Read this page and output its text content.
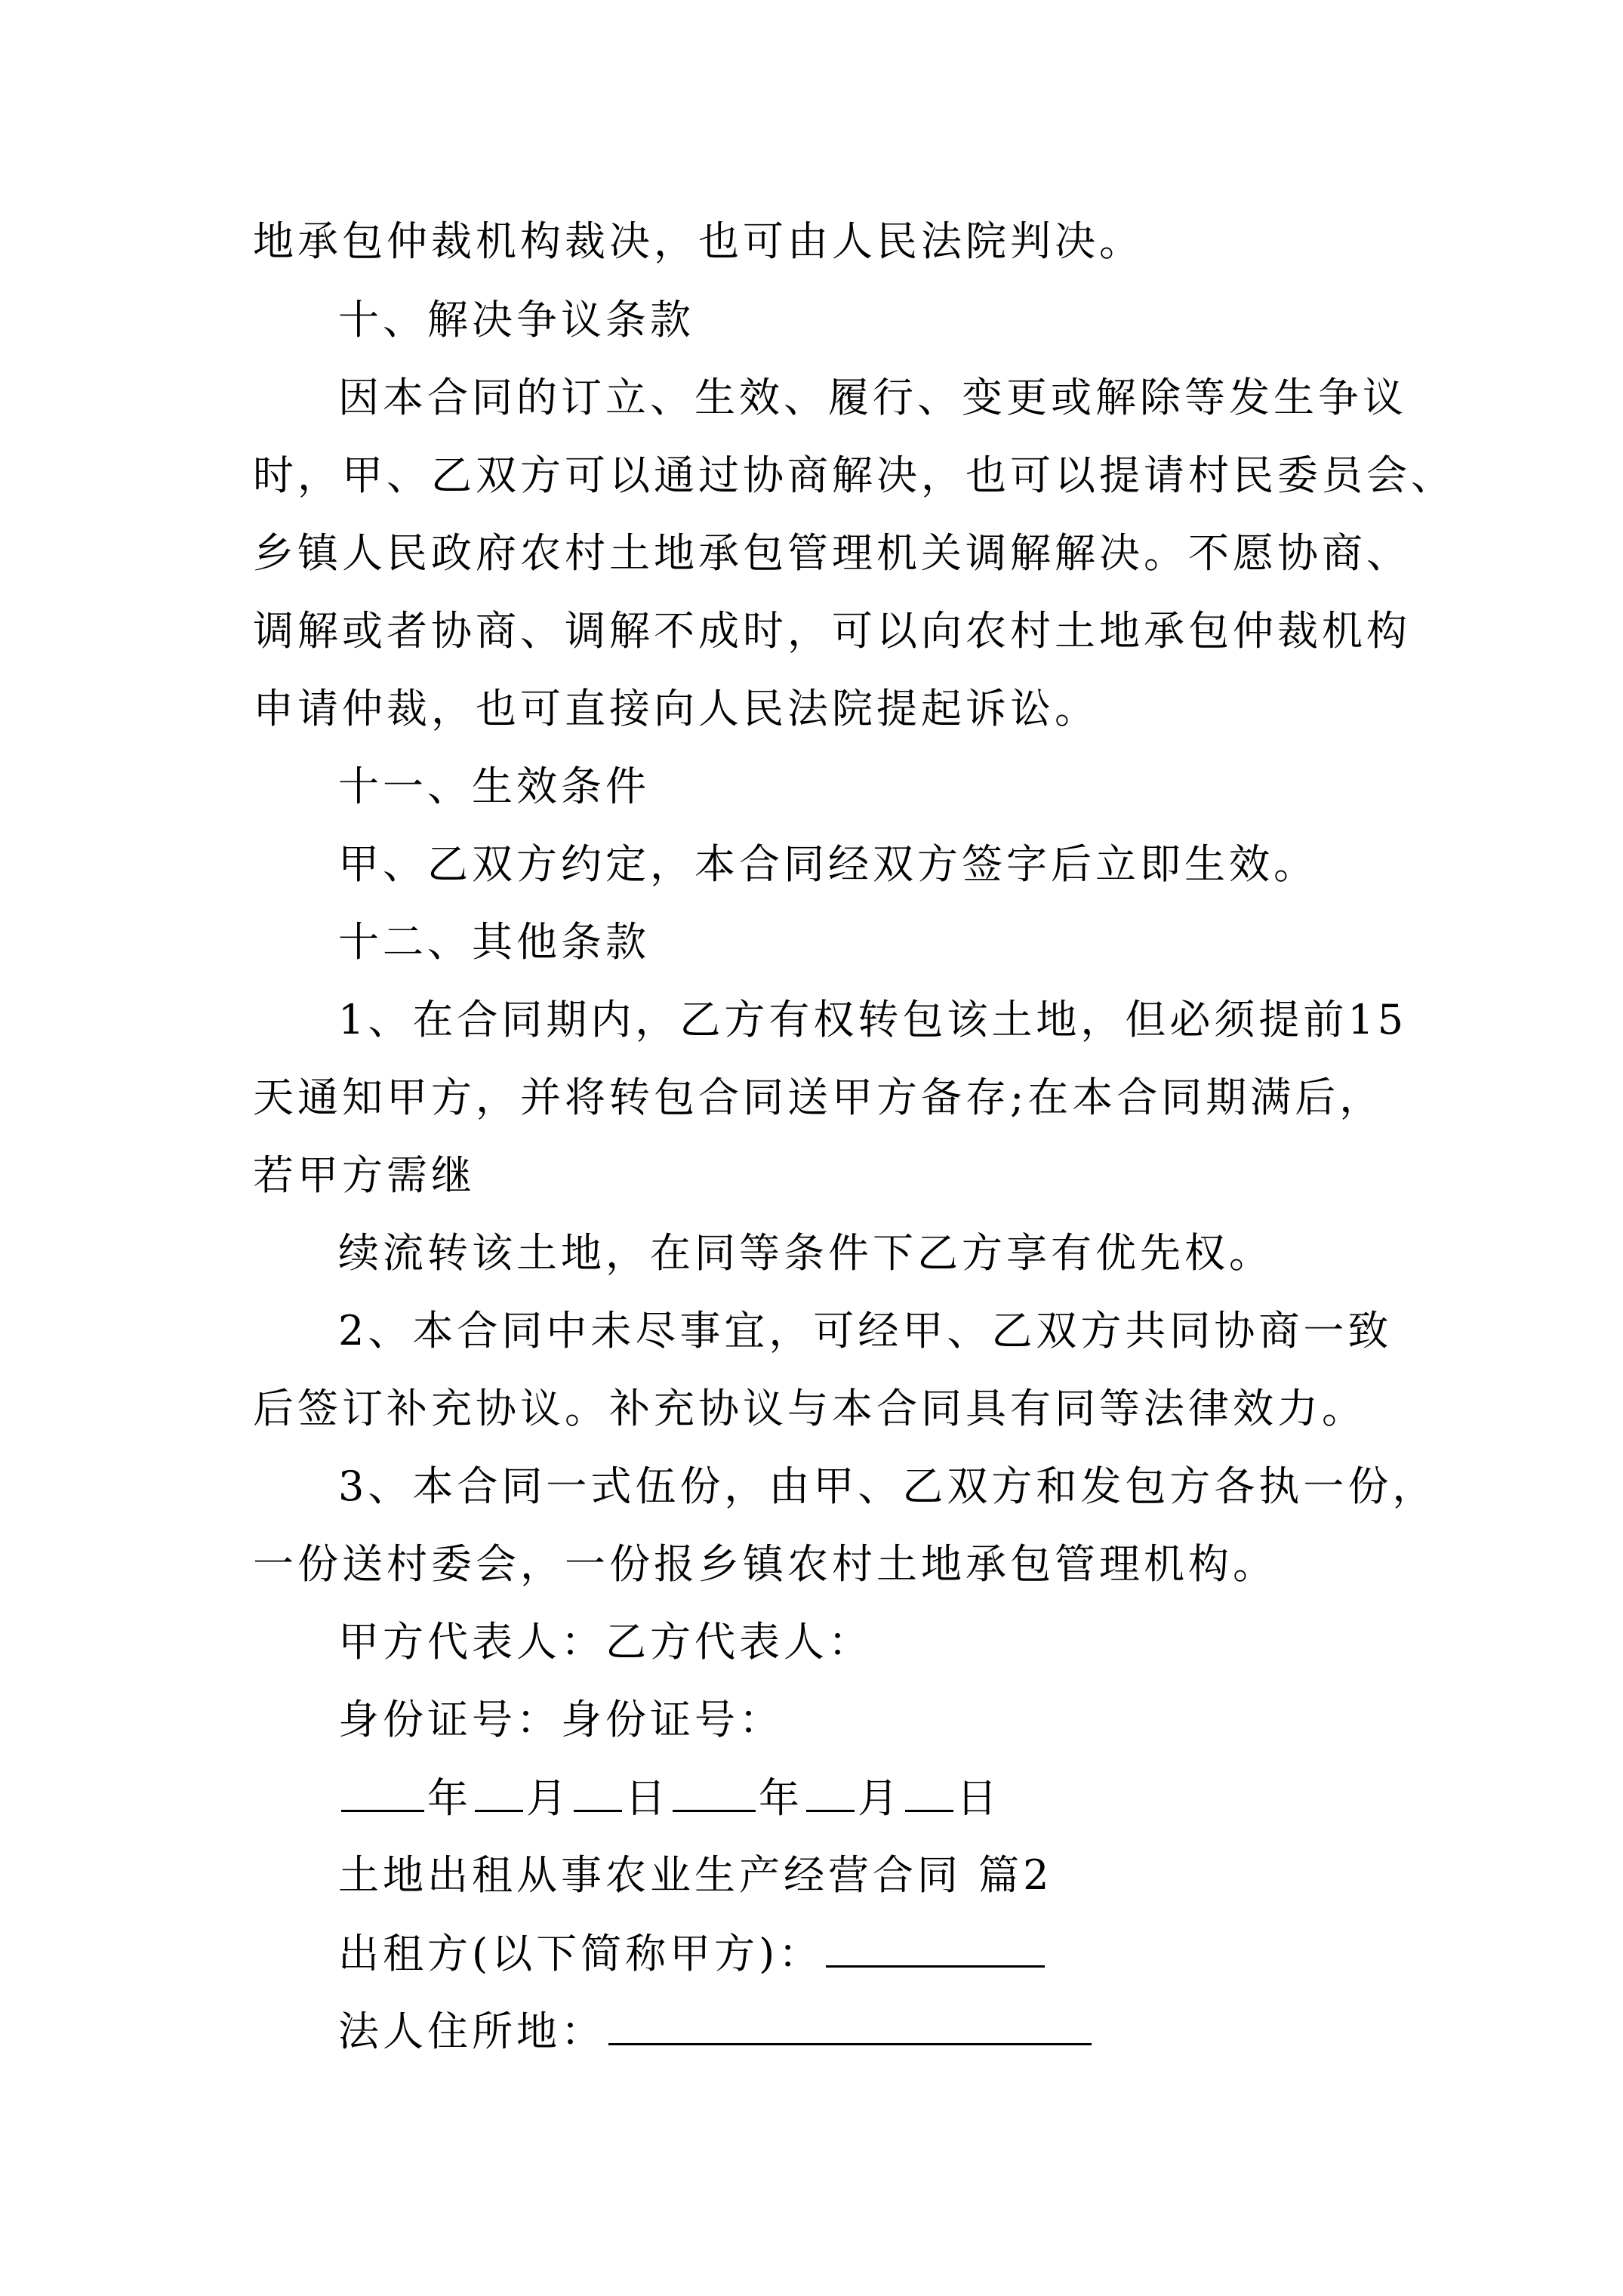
地承包仲裁机构裁决，也可由人民法院判决。
十、解决争议条款
因本合同的订立、生效、履行、变更或解除等发生争议
时，甲、乙双方可以通过协商解决，也可以提请村民委员会、
乡镇人民政府农村土地承包管理机关调解解决。不愿协商、
调解或者协商、调解不成时，可以向农村土地承包仲裁机构
申请仲裁，也可直接向人民法院提起诉讼。
十一、生效条件
甲、乙双方约定，本合同经双方签字后立即生效。
十二、其他条款
1、在合同期内，乙方有权转包该土地，但必须提前15
天通知甲方，并将转包合同送甲方备存;在本合同期满后，
若甲方需继
续流转该土地，在同等条件下乙方享有优先权。
2、本合同中未尽事宜，可经甲、乙双方共同协商一致
后签订补充协议。补充协议与本合同具有同等法律效力。
3、本合同一式伍份，由甲、乙双方和发包方各执一份，
一份送村委会，一份报乡镇农村土地承包管理机构。
甲方代表人：乙方代表人：
身份证号：身份证号：
年 月 日 年 月 日
土地出租从事农业生产经营合同 篇2
出租方(以下简称甲方)：
法人住所地：
